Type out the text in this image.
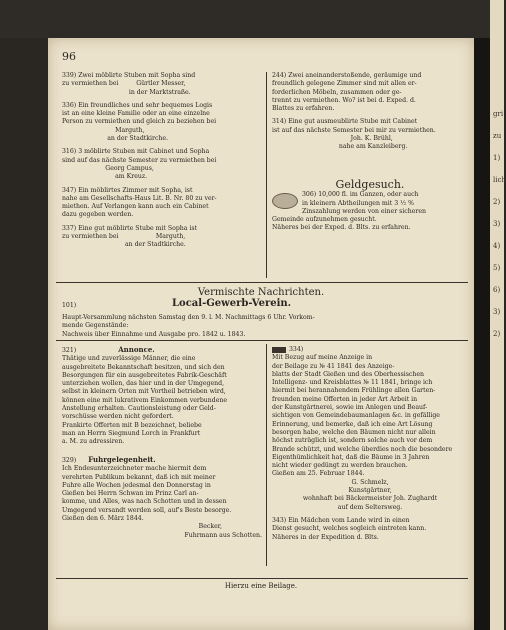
gri
zu
1)
lich
2)
3)
4)
5)
6)
3)
2)
96

339) Zwei möblirte Stuben mit Sopha sind

zu vermiethen bei         Gürtler Messer,

in der Marktstraße.

336) Ein freundliches und sehr bequemes Logis

ist an eine kleine Familie oder an eine einzelne

Person zu vermiethen und gleich zu beziehen bei

Marguth,

an der Stadtkirche.

316) 3 möblirte Stuben mit Cabinet und Sopha

sind auf das nächste Semester zu vermiethen bei

Georg Campus,

am Kreuz.

347) Ein möblirtes Zimmer mit Sopha, ist

nahe am Gesellschafts-Haus Lit. B. Nr. 80 zu ver-

miethen. Auf Verlangen kann auch ein Cabinet

dazu gegeben werden.

337) Eine gut möblirte Stube mit Sopha ist

zu vermiethen bei                   Marguth,

an der Stadtkirche.

244) Zwei aneinanderstoßende, geräumige und

freundlich gelegene Zimmer sind mit allen er-

forderlichen Möbeln, zusammen oder ge-

trennt zu vermiethen. Wo? ist bei d. Exped. d.

Blattes zu erfahren.

314) Eine gut ausmeublirte Stube mit Cabinet

ist auf das nächste Semester bei mir zu vermiethen.

Joh. K. Brühl,

nahe am Kanzleiberg.

Geldgesuch.

306) 10,000 fl. im Ganzen, oder auch

in kleinern Abtheilungen mit 3 ½ %

Zinszahlung werden von einer sicheren

Gemeinde aufzunehmen gesucht.

Näheres bei der Exped. d. Blts. zu erfahren.

Vermischte Nachrichten.
101)	Local-Gewerb-Verein.

Haupt-Versammlung nächsten Samstag den 9. l. M. Nachmittags 6 Uhr. Vorkom-

mende Gegenstände:

Nachweis über Einnahme und Ausgabe pro. 1842 u. 1843.

321)	Annonce.

Thätige und zuverlässige Männer, die eine

ausgebreitete Bekanntschaft besitzen, und sich den

Besorgungen für ein ausgebreitetes Fabrik-Geschäft

unterziehen wollen, das hier und in der Umgegend,

selbst in kleinern Orten mit Vortheil betrieben wird,

können eine mit lukrativem Einkommen verbundene

Anstellung erhalten. Cautionsleistung oder Geld-

vorschüsse werden nicht gefordert.

Frankirte Offerten mit B bezeichnet, beliebe

man an Herrn Siegmund Lorch in Frankfurt

a. M. zu adressiren.

329) Fuhrgelegenheit.

Ich Endesunterzeichneter mache hiermit dem

verehrten Publikum bekannt, daß ich mit meiner

Fuhre alle Wochen jedesmal den Donnerstag in

Gießen bei Herrn Schwan im Prinz Carl an-

komme, und Alles, was nach Schotten und in dessen

Umgegend versandt werden soll, auf's Beste besorge.

Gießen den 6. März 1844.

Becker,
Fuhrmann aus Schotten.
334)

Mit Bezug auf meine Anzeige in

der Beilage zu № 41 1841 des Anzeige-

blatts der Stadt Gießen und des Oberhessischen

Intelligenz- und Kreisblattes № 11 1841, bringe ich

hiermit bei herannahendem Frühlinge allen Garten-

freunden meine Offerten in jeder Art Arbeit in

der Kunstgärtnerei, sowie im Anlegen und Beauf-

sichtigen von Gemeindebaumanlagen &c. in gefällige

Erinnerung, und bemerke, daß ich eine Art Lösung

besorgen habe, welche den Bäumen nicht nur allein

höchst zuträglich ist, sondern solche auch vor dem

Brande schützt, und welche überdies noch die besondere

Eigenthümlichkeit hat, daß die Bäume in 3 Jahren

nicht wieder gedüngt zu werden brauchen.

Gießen am 25. Februar 1844.

G. Schmelz,
Kunstgärtner,
wohnhaft bei Bäckermeister Joh. Zughardt
auf dem Seltersweg.

343) Ein Mädchen vom Lande wird in einen

Dienst gesucht, welches sogleich eintreten kann.

Näheres in der Expedition d. Blts.

Hierzu eine Beilage.
